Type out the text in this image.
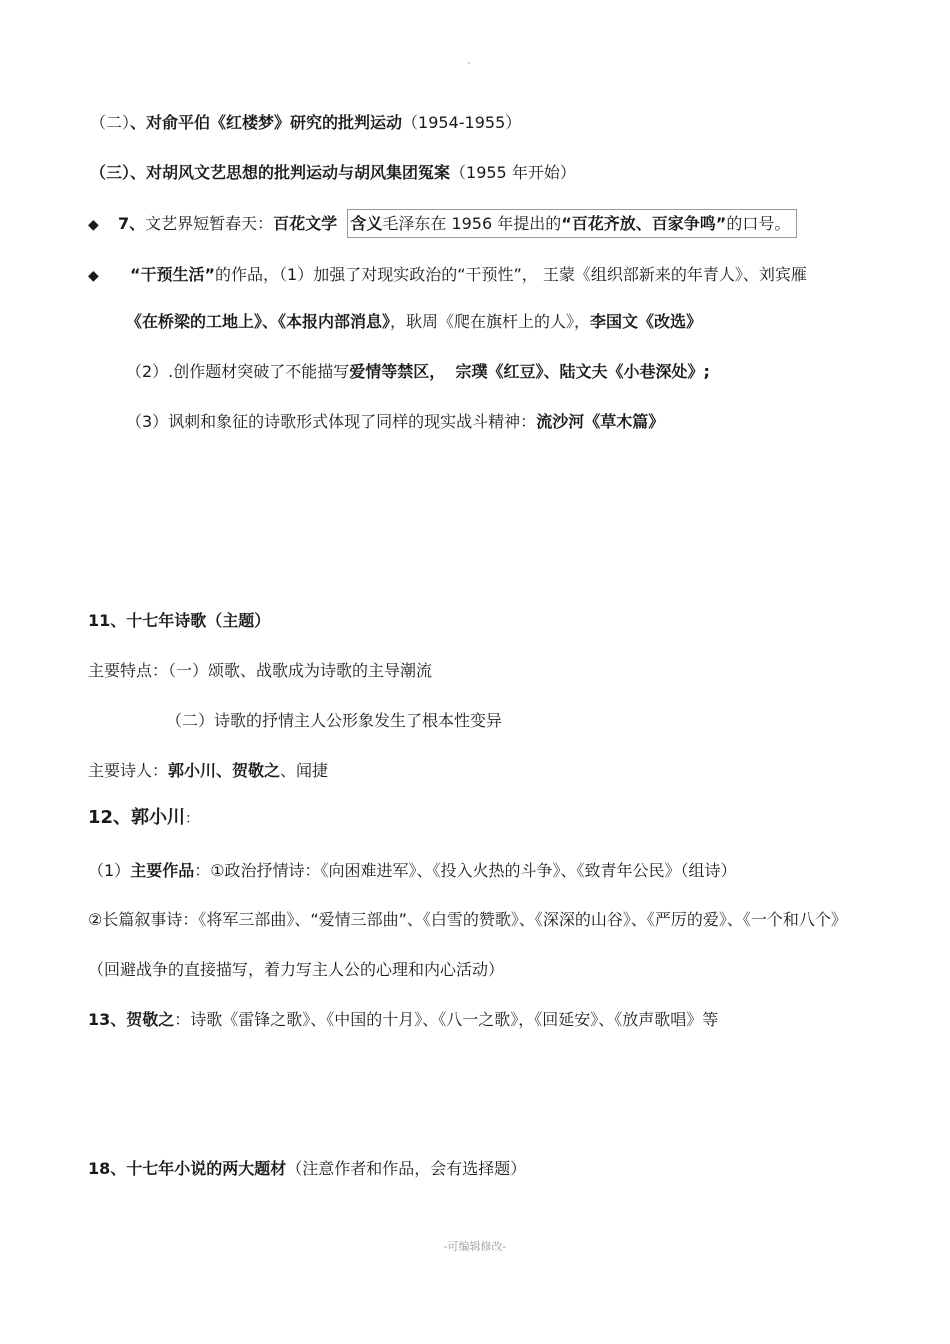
（二）、对俞平伯《红楼梦》研究的批判运动（1954-1955）
（三）、对胡风文艺思想的批判运动与胡风集团冤案（1955 年开始）
◆ 7、文艺界短暂春天：百花文学 含义毛泽东在 1956 年提出的“百花齐放、百家争鸣”的口号。
◆ “干预生活”的作品，（1）加强了对现实政治的“干预性”， 王蒙《组织部新来的年青人》、刘宾雁
《在桥梁的工地上》、《本报内部消息》，耿周《爬在旗杆上的人》，李国文《改选》
（2）.创作题材突破了不能描写爱情等禁区， 宗璞《红豆》、陆文夫《小巷深处》;
（3）讽刺和象征的诗歌形式体现了同样的现实战斗精神：流沙河《草木篇》
11、十七年诗歌（主题）
主要特点：（一）颂歌、战歌成为诗歌的主导潮流
（二）诗歌的抒情主人公形象发生了根本性变异
主要诗人：郭小川、贺敬之、闻捷
12、郭小川：
（1）主要作品：①政治抒情诗：《向困难进军》、《投入火热的斗争》、《致青年公民》（组诗）
②长篇叙事诗：《将军三部曲》、“爱情三部曲”、《白雪的赞歌》、《深深的山谷》、《严厉的爱》、《一个和八个》
（回避战争的直接描写，着力写主人公的心理和内心活动）
13、贺敬之：诗歌《雷锋之歌》、《中国的十月》、《八一之歌》，《回延安》、《放声歌唱》等
18、十七年小说的两大题材（注意作者和作品，会有选择题）
-可编辑修改-
